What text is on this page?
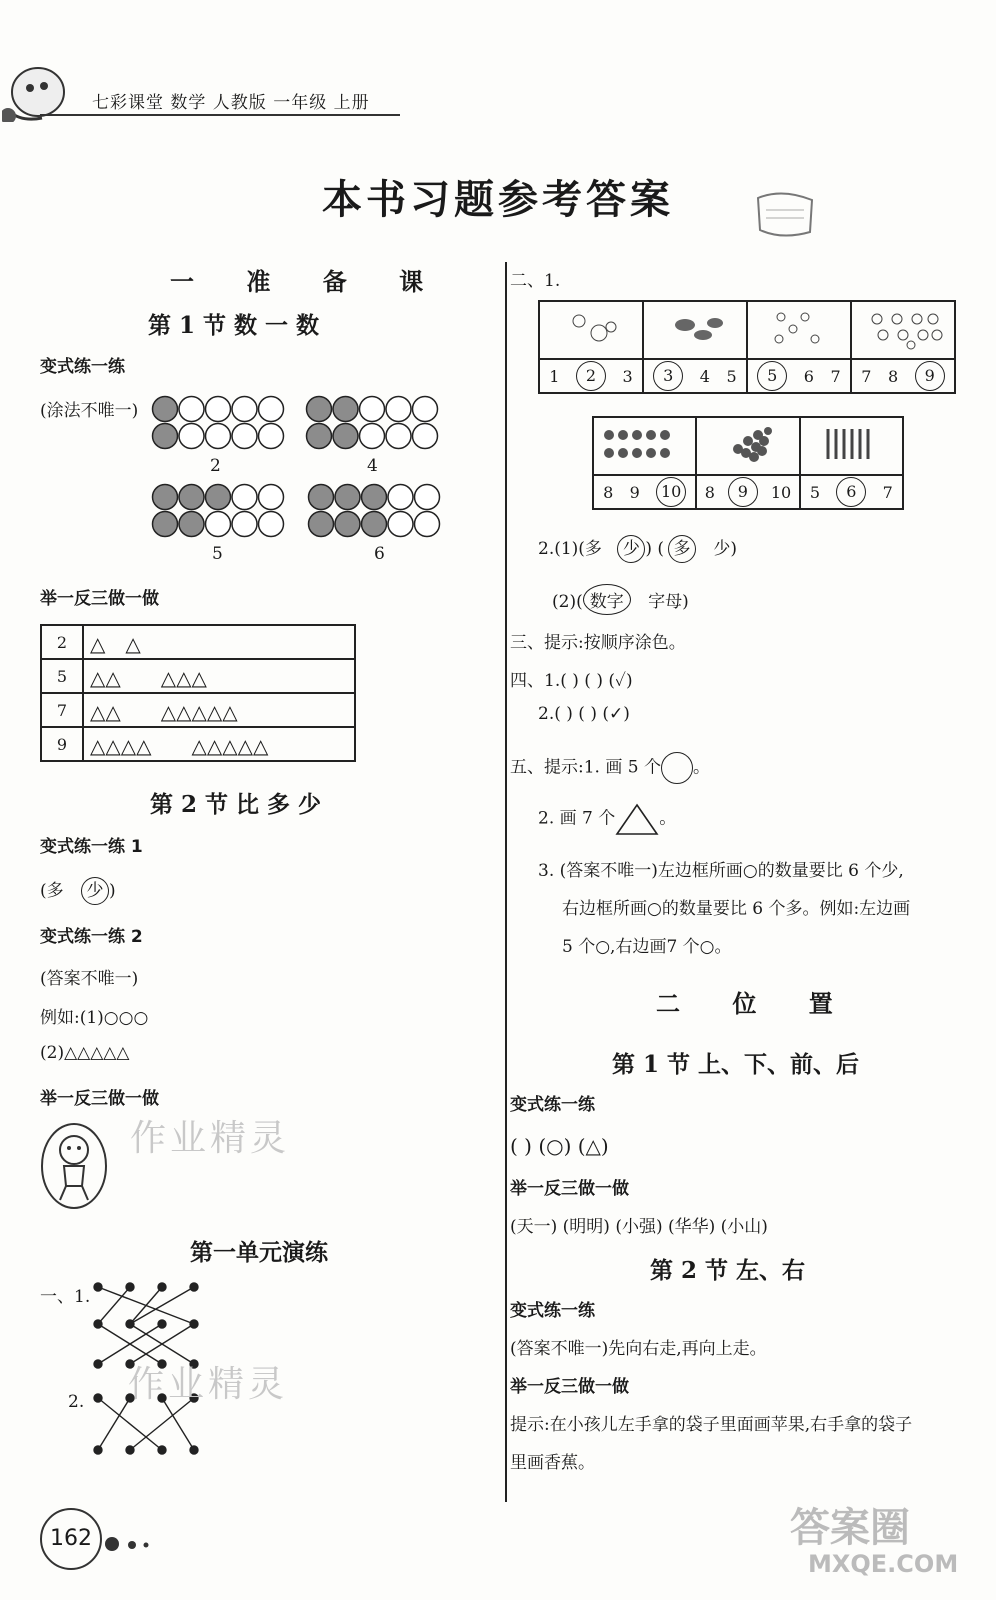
七彩课堂 数学 人教版 一年级 上册
本书习题参考答案
一 准 备 课
第 1 节 数 一 数
变式练一练
(涂法不唯一)
2	4
5	6
举一反三做一做
2	△　△
5	△△　　△△△
7	△△　　△△△△△
9	△△△△　　△△△△△
第 2 节 比 多 少
变式练一练 1
(多 少 )
变式练一练 2
(答案不唯一)
例如:(1)○○○
(2)△△△△△
举一反三做一做
作业精灵
第一单元演练
一、1.
2. 作业精灵
162
二、1.

1 2 3	3 4 5	5 6 7	7 8 9

8 9 10	8 9 10	5 6 7
2.(1)(多 少 ) ( 多 少)
(2)( 数字 字母)
三、提示:按顺序涂色。
四、1.( ) ( ) (✓)
2.( ) ( ) (✓)
五、提示:1. 画 5 个 。
2. 画 7 个	。
3. (答案不唯一)左边框所画○的数量要比 6 个少,
右边框所画○的数量要比 6 个多。例如:左边画
5 个○,右边画7 个○。
二 位 置
第 1 节 上、下、前、后
变式练一练
( ) (○) (△)
举一反三做一做
(天一) (明明) (小强) (华华) (小山)
第 2 节 左、右
变式练一练
(答案不唯一)先向右走,再向上走。
举一反三做一做
提示:在小孩儿左手拿的袋子里面画苹果,右手拿的袋子
里画香蕉。
答案圈
MXQE.COM
